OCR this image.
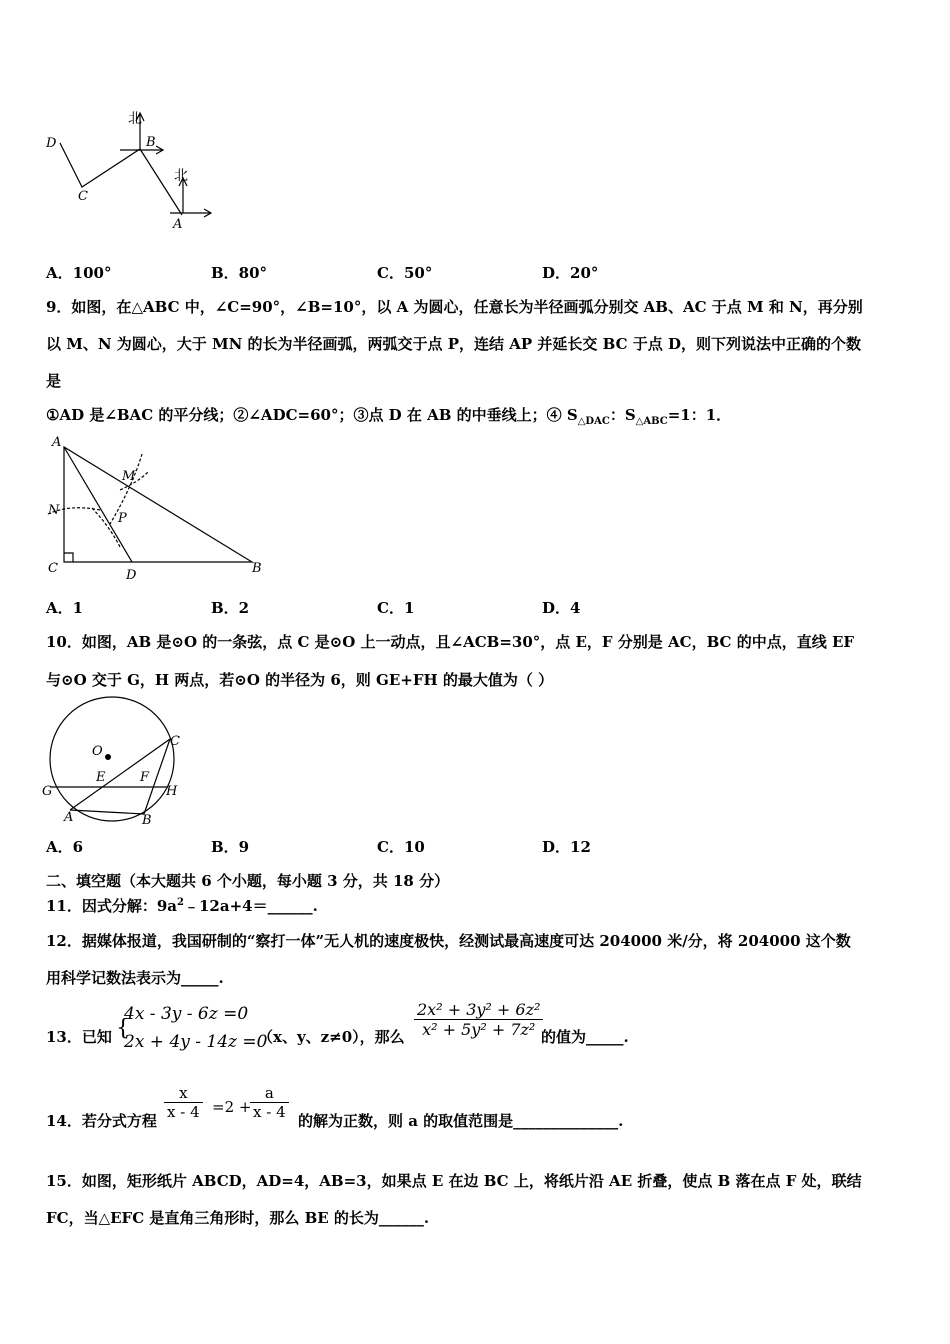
北
北
B
D
C
A
A．100°	B．80°	C．50°	D．20°
9．如图，在△ABC 中，∠C=90°，∠B=10°，以 A 为圆心，任意长为半径画弧分别交 AB、AC 于点 M 和 N，再分别
以 M、N 为圆心，大于 MN 的长为半径画弧，两弧交于点 P，连结 AP 并延长交 BC 于点 D，则下列说法中正确的个数
是
①AD 是∠BAC 的平分线；②∠ADC=60°；③点 D 在 AB 的中垂线上；④ $S_{\triangle DAC}$：$S_{\triangle ABC}=1$：1．
A
M
N
P
C	D	B
A．1	B．2	C．1	D．4
10．如图，AB 是⊙O 的一条弦，点 C 是⊙O 上一动点，且∠ACB=30°，点 E，F 分别是 AC，BC 的中点，直线 EF
与⊙O 交于 G，H 两点，若⊙O 的半径为 6，则 GE+FH 的最大值为（ ）
O
C
E	F
G	H
A	B
A．6	B．9	C．10	D．12
二、填空题（本大题共 6 个小题，每小题 3 分，共 18 分）
11．因式分解：$9a^2﹣12a+4=\_\_\_\_\_\_$.
12．据媒体报道，我国研制的“察打一体”无人机的速度极快，经测试最高速度可达 204000 米/分，将 204000 这个数
用科学记数法表示为_____.
13．已知 {
4x - 3y - 6z =0
2x + 4y - 14z =0
（x、y、z≠0），那么 $\frac{\text{2x² + 3y² + 6z²}}{\text{x² + 5y² + 7z²}}$
的值为_____.
14．若分式方程 $\frac{x}{x - 4} =2$ +
$\frac{a}{x - 4}$ 的解为正数，则 a 的取值范围是______________.
15．如图，矩形纸片 ABCD，AD=4，AB=3，如果点 E 在边 BC 上，将纸片沿 AE 折叠，使点 B 落在点 F 处，联结
FC，当△EFC 是直角三角形时，那么 BE 的长为______.
